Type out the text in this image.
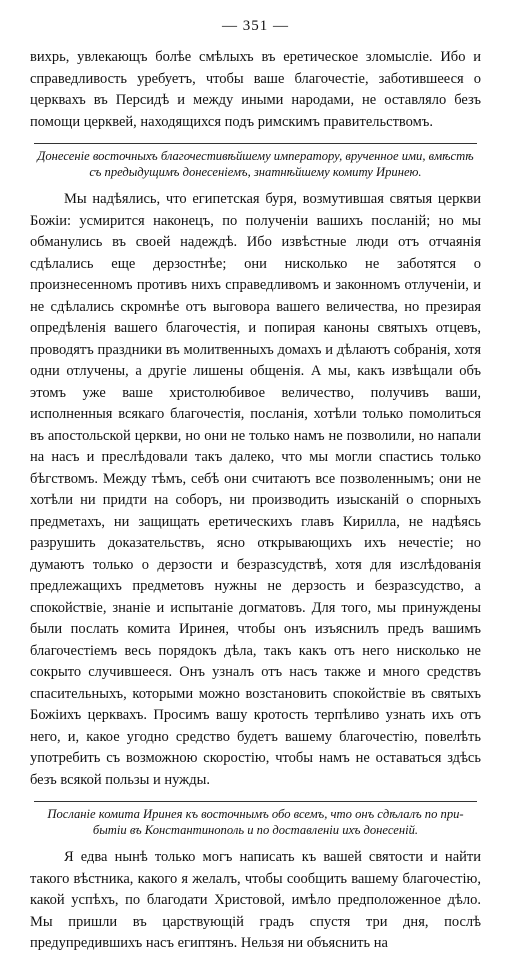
— 351 —

вихрь, увлекающъ болѣе смѣлыхъ въ еретическое зломыслiе. Ибо и справедливость уребуетъ, чтобы ваше благочестiе, заботившееся о церквахъ въ Персидѣ и между иными народами, не оставляло безъ помощи церквей, находящихся подъ римскимъ правительствомъ.

Донесенiе восточныхъ благочестивѣйшему императору, врученное ими, вмѣстѣ
съ предыдущимъ донесенiемъ, знатнѣйшему комиту Иринею.

Мы надѣялись, что египетская буря, возмутившая святыя церкви Божiи: усмирится наконецъ, по полученiи вашихъ посланiй; но мы обманулись въ своей надеждѣ. Ибо извѣстные люди отъ отчаянiя сдѣлались еще дерзостнѣе; они нисколько не заботятся о произнесенномъ противъ нихъ справедливомъ и законномъ отлученiи, и не сдѣлались скромнѣе отъ выговора вашего величества, но презирая опредѣленiя вашего благочестiя, и попирая каноны святыхъ отцевъ, проводятъ праздники въ молитвенныхъ домахъ и дѣлаютъ собранiя, хотя одни отлучены, а другiе лишены общенiя. А мы, какъ извѣщали объ этомъ уже ваше христолюбивое величество, получивъ ваши, исполненныя всякаго благочестiя, посланiя, хотѣли только помолиться въ апостольской церкви, но они не только намъ не позволили, но напали на насъ и преслѣдовали такъ далеко, что мы могли спастись только бѣгствомъ. Между тѣмъ, себѣ они считаютъ все позволеннымъ; они не хотѣли ни придти на соборъ, ни производить изысканiй о спорныхъ предметахъ, ни защищать еретическихъ главъ Кирилла, не надѣясь разрушить доказательствъ, ясно открывающихъ ихъ нечестiе; но думаютъ только о дерзости и безразсудствѣ, хотя для изслѣдованiя предлежащихъ предметовъ нужны не дерзость и безразсудство, а спокойствiе, знанiе и испытанiе догматовъ. Для того, мы принуждены были послать комита Иринея, чтобы онъ изъяснилъ предъ вашимъ благочестiемъ весь порядокъ дѣла, такъ какъ отъ него нисколько не сокрыто случившееся. Онъ узналъ отъ насъ также и много средствъ спасительныхъ, которыми можно возстановить спокойствiе въ святыхъ Божiихъ церквахъ. Просимъ вашу кротость терпѣливо узнать ихъ отъ него, и, какое угодно средство будетъ вашему благочестiю, повелѣть употребить съ возможною скоростiю, чтобы намъ не оставаться здѣсь безъ всякой пользы и нужды.

Посланiе комита Иринея къ восточнымъ обо всемъ, что онъ сдѣлалъ по при-
бытiи въ Константинополь и по доставленiи ихъ донесенiй.

Я едва нынѣ только могъ написать къ вашей святости и найти такого вѣстника, какого я желалъ, чтобы сообщить вашему благочестiю, какой успѣхъ, по благодати Христовой, имѣло предположенное дѣло. Мы пришли въ царствующiй градъ спустя три дня, послѣ предупредившихъ насъ египтянъ. Нельзя ни объяснить на
